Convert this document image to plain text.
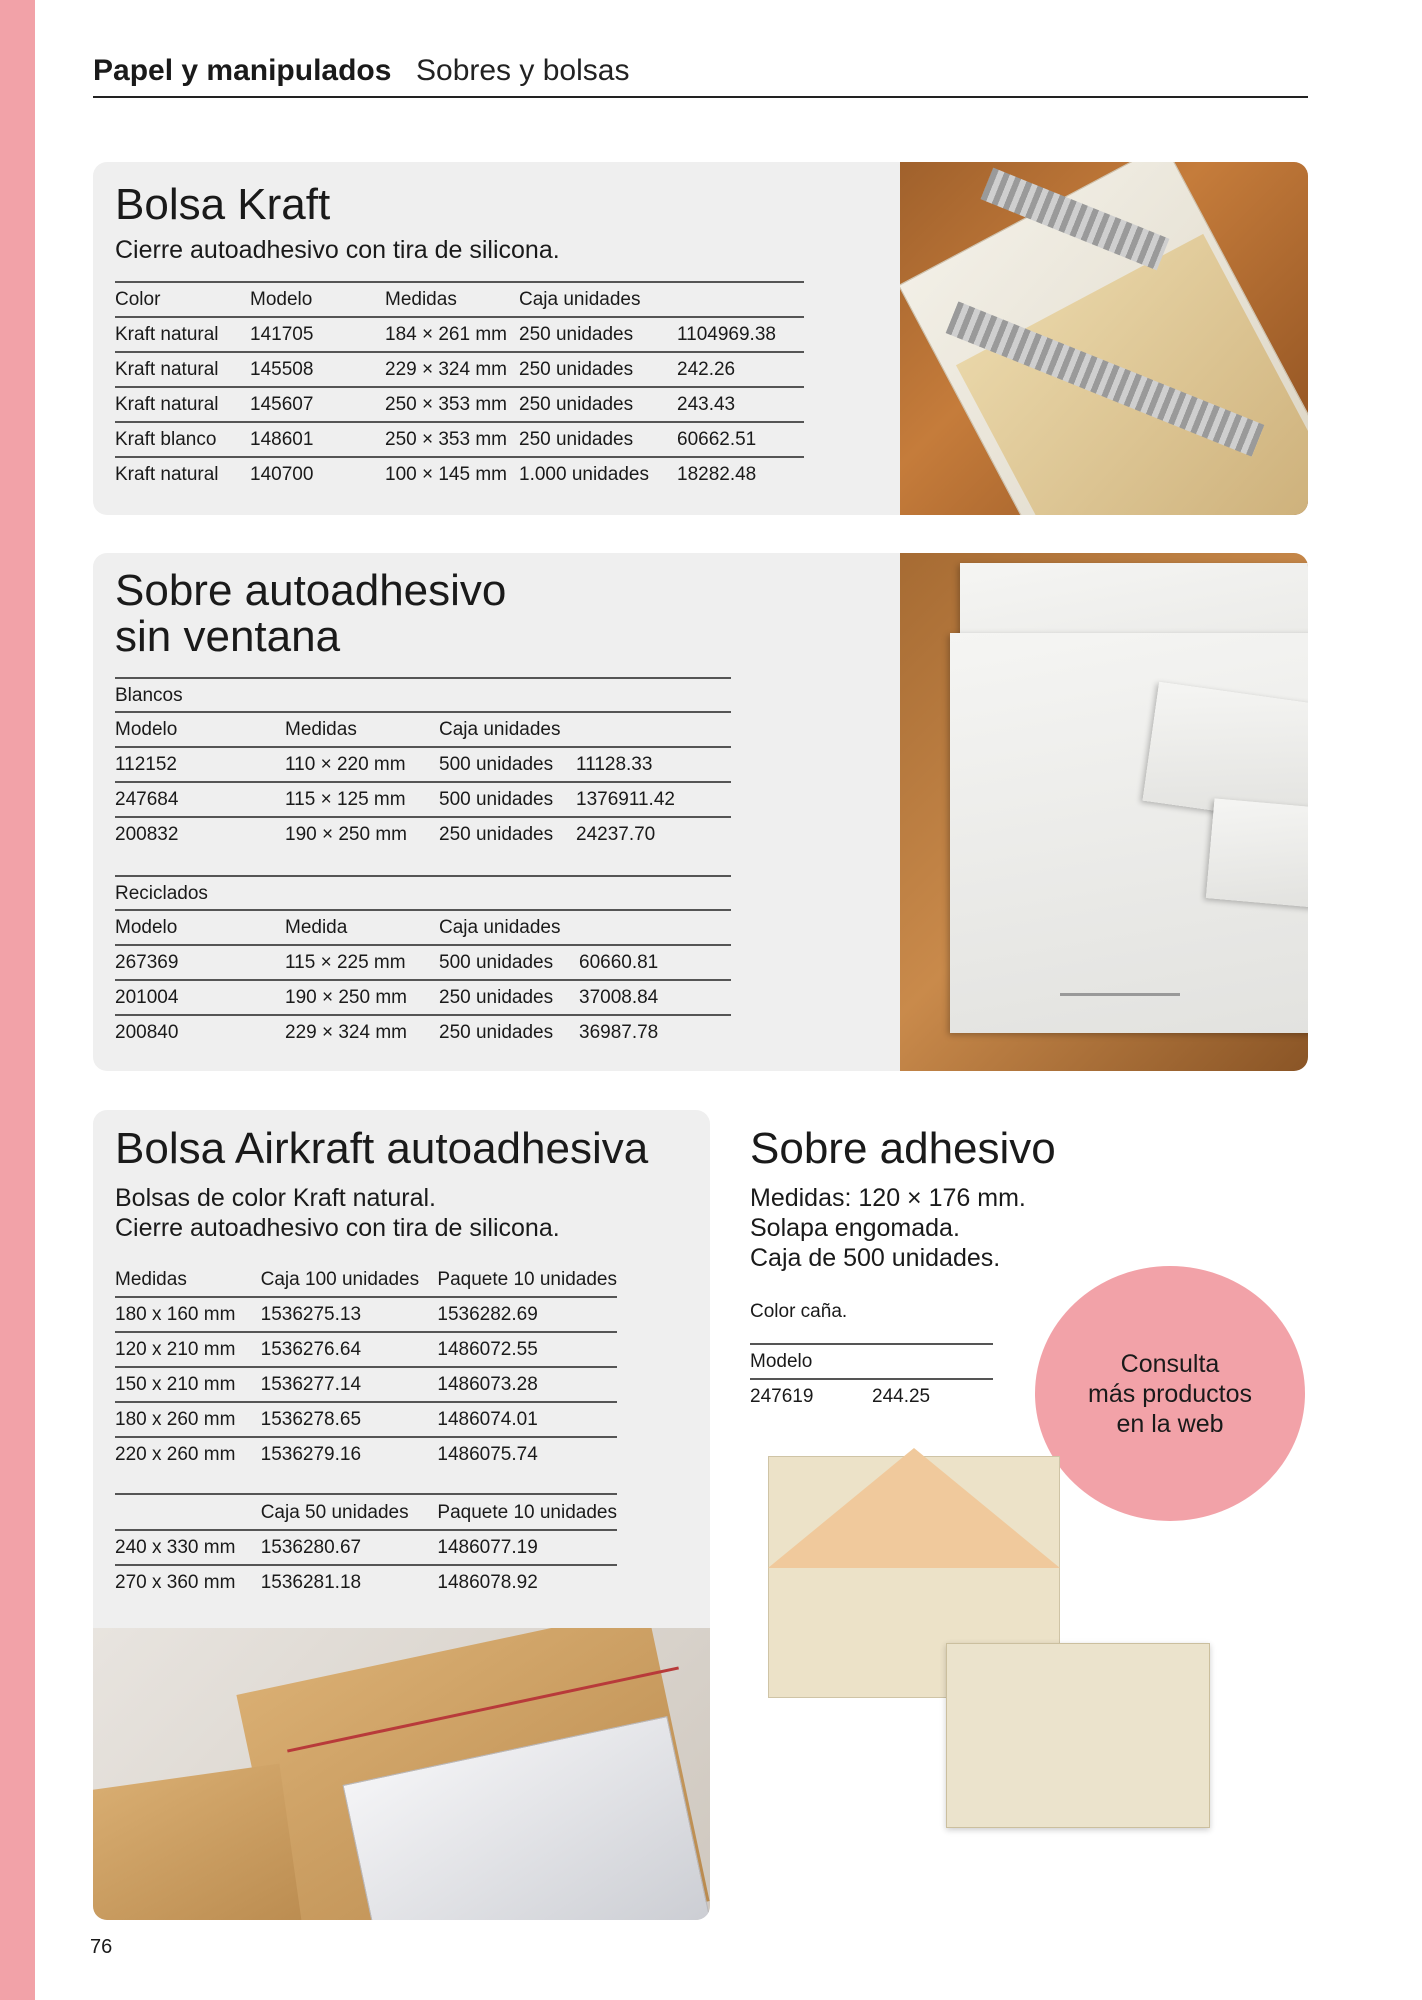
Papel y manipulados Sobres y bolsas
Bolsa Kraft
Cierre autoadhesivo con tira de silicona.
Color	Modelo	Medidas	Caja unidades	
Kraft natural	141705	184 × 261 mm	250 unidades	1104969.38
Kraft natural	145508	229 × 324 mm	250 unidades	242.26
Kraft natural	145607	250 × 353 mm	250 unidades	243.43
Kraft blanco	148601	250 × 353 mm	250 unidades	60662.51
Kraft natural	140700	100 × 145 mm	1.000 unidades	18282.48
Sobre autoadhesivo
sin ventana
Blancos
Modelo	Medidas	Caja unidades	
112152	110 × 220 mm	500 unidades	11128.33
247684	115 × 125 mm	500 unidades	1376911.42
200832	190 × 250 mm	250 unidades	24237.70
Reciclados
Modelo	Medida	Caja unidades	
267369	115 × 225 mm	500 unidades	60660.81
201004	190 × 250 mm	250 unidades	37008.84
200840	229 × 324 mm	250 unidades	36987.78
Bolsa Airkraft autoadhesiva
Bolsas de color Kraft natural.
Cierre autoadhesivo con tira de silicona.
Medidas	Caja 100 unidades	Paquete 10 unidades
180 x 160 mm	1536275.13	1536282.69
120 x 210 mm	1536276.64	1486072.55
150 x 210 mm	1536277.14	1486073.28
180 x 260 mm	1536278.65	1486074.01
220 x 260 mm	1536279.16	1486075.74
	Caja 50 unidades	Paquete 10 unidades
240 x 330 mm	1536280.67	1486077.19
270 x 360 mm	1536281.18	1486078.92
Sobre adhesivo
Medidas: 120 × 176 mm.
Solapa engomada.
Caja de 500 unidades.
Color caña.
Modelo
247619	244.25
Consulta
más productos
en la web
76
